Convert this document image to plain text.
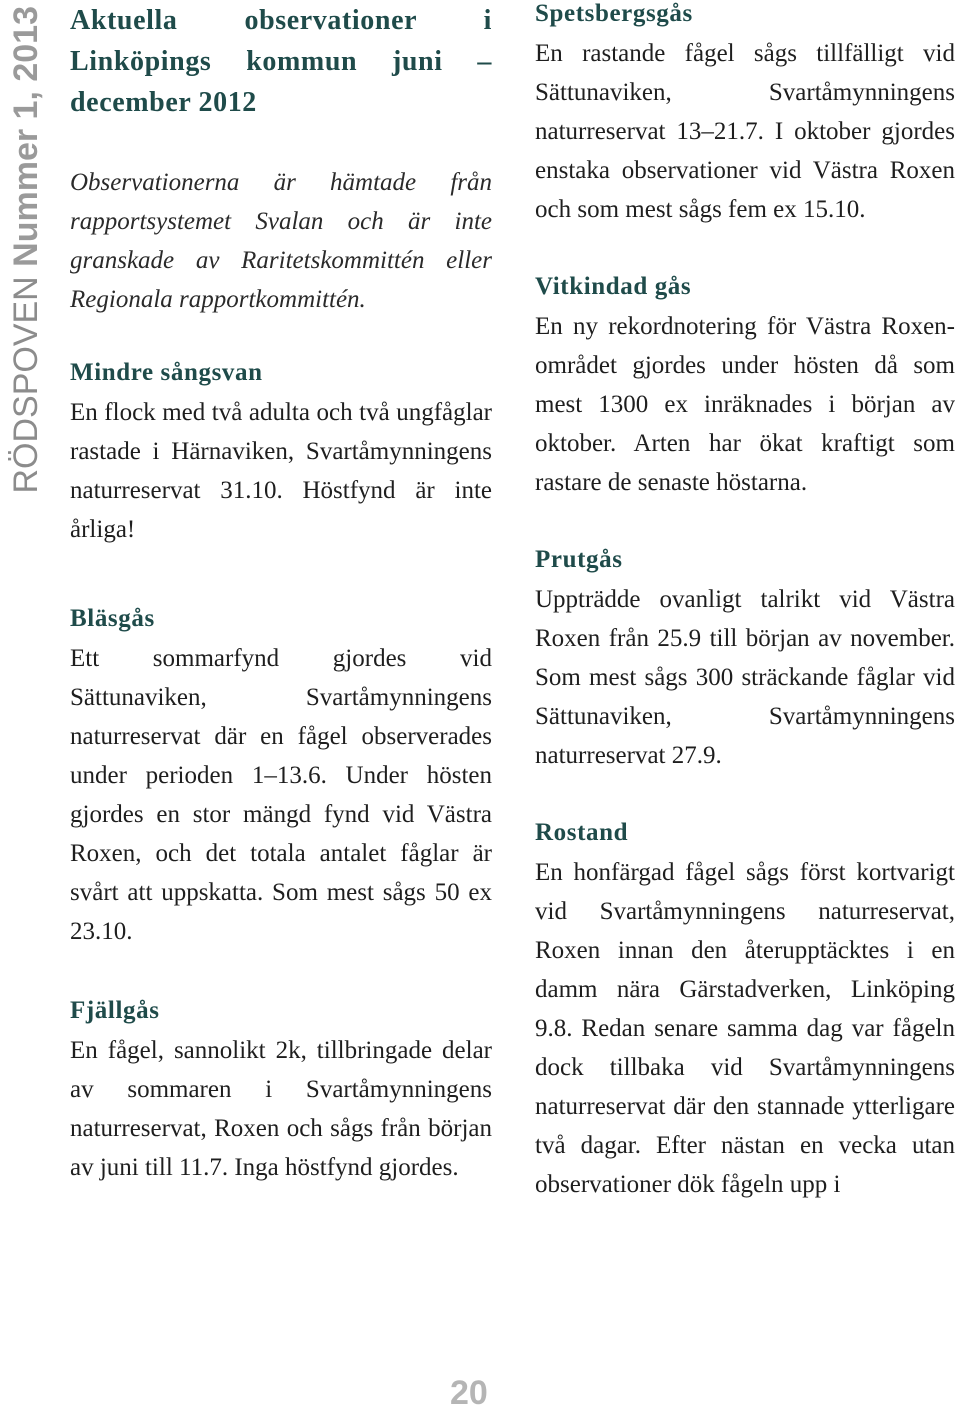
RÖDSPOVEN Nummer 1, 2013 Aktuella observationer i Linköpings kommun juni – december 2012

Observationerna är hämtade från rapportsystemet Svalan och är inte granskade av Raritetskommittén eller Regionala rapportkommittén.

Mindre sångsvan

En flock med två adulta och två ungfåglar rastade i Härnaviken, Svartåmynningens naturreservat 31.10. Höstfynd är inte årliga!

Bläsgås

Ett sommarfynd gjordes vid Sättunaviken, Svartåmynningens naturreservat där en fågel observerades under perioden 1–13.6. Under hösten gjordes en stor mängd fynd vid Västra Roxen, och det totala antalet fåglar är svårt att uppskatta. Som mest sågs 50 ex 23.10.

Fjällgås

En fågel, sannolikt 2k, tillbringade delar av sommaren i Svartåmynningens naturreservat, Roxen och sågs från början av juni till 11.7. Inga höstfynd gjordes.

Spetsbergsgås

En rastande fågel sågs tillfälligt vid Sättunaviken, Svartåmynningens naturreservat 13–21.7. I oktober gjordes enstaka observationer vid Västra Roxen och som mest sågs fem ex 15.10.

Vitkindad gås

En ny rekordnotering för Västra Roxen-området gjordes under hösten då som mest 1300 ex inräknades i början av oktober. Arten har ökat kraftigt som rastare de senaste höstarna.

Prutgås

Uppträdde ovanligt talrikt vid Västra Roxen från 25.9 till början av november. Som mest sågs 300 sträckande fåglar vid Sättunaviken, Svartåmynningens naturreservat 27.9.

Rostand

En honfärgad fågel sågs först kortvarigt vid Svartåmynningens naturreservat, Roxen innan den återupptäcktes i en damm nära Gärstadverken, Linköping 9.8. Redan senare samma dag var fågeln dock tillbaka vid Svartåmynningens naturreservat där den stannade ytterligare två dagar. Efter nästan en vecka utan observationer dök fågeln upp i

20
